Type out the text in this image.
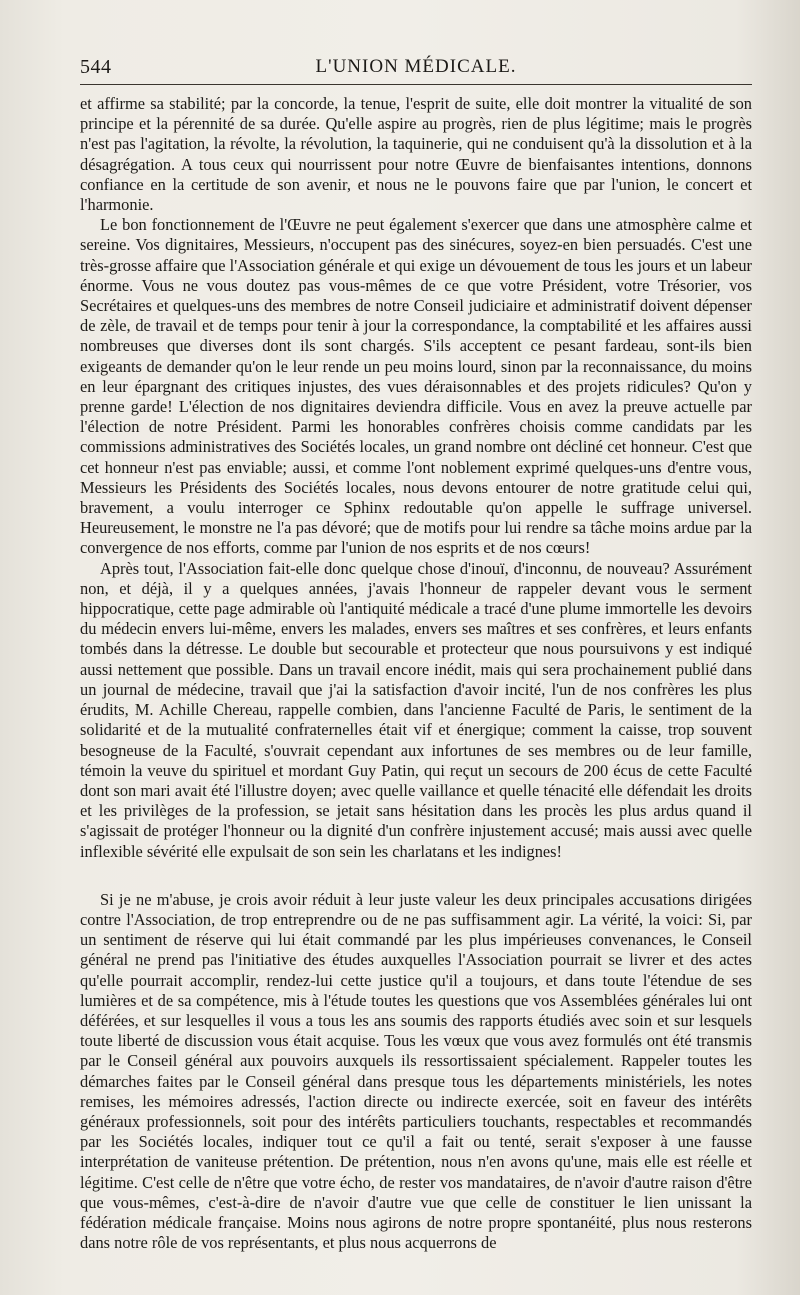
544	L'UNION MÉDICALE.

et affirme sa stabilité; par la concorde, la tenue, l'esprit de suite, elle doit montrer la vitualité de son principe et la pérennité de sa durée. Qu'elle aspire au progrès, rien de plus légitime; mais le progrès n'est pas l'agitation, la révolte, la révolution, la taquinerie, qui ne conduisent qu'à la dissolution et à la désagrégation. A tous ceux qui nourrissent pour notre Œuvre de bienfaisantes intentions, donnons confiance en la certitude de son avenir, et nous ne le pouvons faire que par l'union, le concert et l'harmonie.

Le bon fonctionnement de l'Œuvre ne peut également s'exercer que dans une atmosphère calme et sereine. Vos dignitaires, Messieurs, n'occupent pas des sinécures, soyez-en bien persuadés. C'est une très-grosse affaire que l'Association générale et qui exige un dévouement de tous les jours et un labeur énorme. Vous ne vous doutez pas vous-mêmes de ce que votre Président, votre Trésorier, vos Secrétaires et quelques-uns des membres de notre Conseil judiciaire et administratif doivent dépenser de zèle, de travail et de temps pour tenir à jour la correspondance, la comptabilité et les affaires aussi nombreuses que diverses dont ils sont chargés. S'ils acceptent ce pesant fardeau, sont-ils bien exigeants de demander qu'on le leur rende un peu moins lourd, sinon par la reconnaissance, du moins en leur épargnant des critiques injustes, des vues déraisonnables et des projets ridicules? Qu'on y prenne garde! L'élection de nos dignitaires deviendra difficile. Vous en avez la preuve actuelle par l'élection de notre Président. Parmi les honorables confrères choisis comme candidats par les commissions administratives des Sociétés locales, un grand nombre ont décliné cet honneur. C'est que cet honneur n'est pas enviable; aussi, et comme l'ont noblement exprimé quelques-uns d'entre vous, Messieurs les Présidents des Sociétés locales, nous devons entourer de notre gratitude celui qui, bravement, a voulu interroger ce Sphinx redoutable qu'on appelle le suffrage universel. Heureusement, le monstre ne l'a pas dévoré; que de motifs pour lui rendre sa tâche moins ardue par la convergence de nos efforts, comme par l'union de nos esprits et de nos cœurs!

Après tout, l'Association fait-elle donc quelque chose d'inouï, d'inconnu, de nouveau? Assurément non, et déjà, il y a quelques années, j'avais l'honneur de rappeler devant vous le serment hippocratique, cette page admirable où l'antiquité médicale a tracé d'une plume immortelle les devoirs du médecin envers lui-même, envers les malades, envers ses maîtres et ses confrères, et leurs enfants tombés dans la détresse. Le double but secourable et protecteur que nous poursuivons y est indiqué aussi nettement que possible. Dans un travail encore inédit, mais qui sera prochainement publié dans un journal de médecine, travail que j'ai la satisfaction d'avoir incité, l'un de nos confrères les plus érudits, M. Achille Chereau, rappelle combien, dans l'ancienne Faculté de Paris, le sentiment de la solidarité et de la mutualité confraternelles était vif et énergique; comment la caisse, trop souvent besogneuse de la Faculté, s'ouvrait cependant aux infortunes de ses membres ou de leur famille, témoin la veuve du spirituel et mordant Guy Patin, qui reçut un secours de 200 écus de cette Faculté dont son mari avait été l'illustre doyen; avec quelle vaillance et quelle ténacité elle défendait les droits et les privilèges de la profession, se jetait sans hésitation dans les procès les plus ardus quand il s'agissait de protéger l'honneur ou la dignité d'un confrère injustement accusé; mais aussi avec quelle inflexible sévérité elle expulsait de son sein les charlatans et les indignes!

Si je ne m'abuse, je crois avoir réduit à leur juste valeur les deux principales accusations dirigées contre l'Association, de trop entreprendre ou de ne pas suffisamment agir. La vérité, la voici: Si, par un sentiment de réserve qui lui était commandé par les plus impérieuses convenances, le Conseil général ne prend pas l'initiative des études auxquelles l'Association pourrait se livrer et des actes qu'elle pourrait accomplir, rendez-lui cette justice qu'il a toujours, et dans toute l'étendue de ses lumières et de sa compétence, mis à l'étude toutes les questions que vos Assemblées générales lui ont déférées, et sur lesquelles il vous a tous les ans soumis des rapports étudiés avec soin et sur lesquels toute liberté de discussion vous était acquise. Tous les vœux que vous avez formulés ont été transmis par le Conseil général aux pouvoirs auxquels ils ressortissaient spécialement. Rappeler toutes les démarches faites par le Conseil général dans presque tous les départements ministériels, les notes remises, les mémoires adressés, l'action directe ou indirecte exercée, soit en faveur des intérêts généraux professionnels, soit pour des intérêts particuliers touchants, respectables et recommandés par les Sociétés locales, indiquer tout ce qu'il a fait ou tenté, serait s'exposer à une fausse interprétation de vaniteuse prétention. De prétention, nous n'en avons qu'une, mais elle est réelle et légitime. C'est celle de n'être que votre écho, de rester vos mandataires, de n'avoir d'autre raison d'être que vous-mêmes, c'est-à-dire de n'avoir d'autre vue que celle de constituer le lien unissant la fédération médicale française. Moins nous agirons de notre propre spontanéité, plus nous resterons dans notre rôle de vos représentants, et plus nous acquerrons de
